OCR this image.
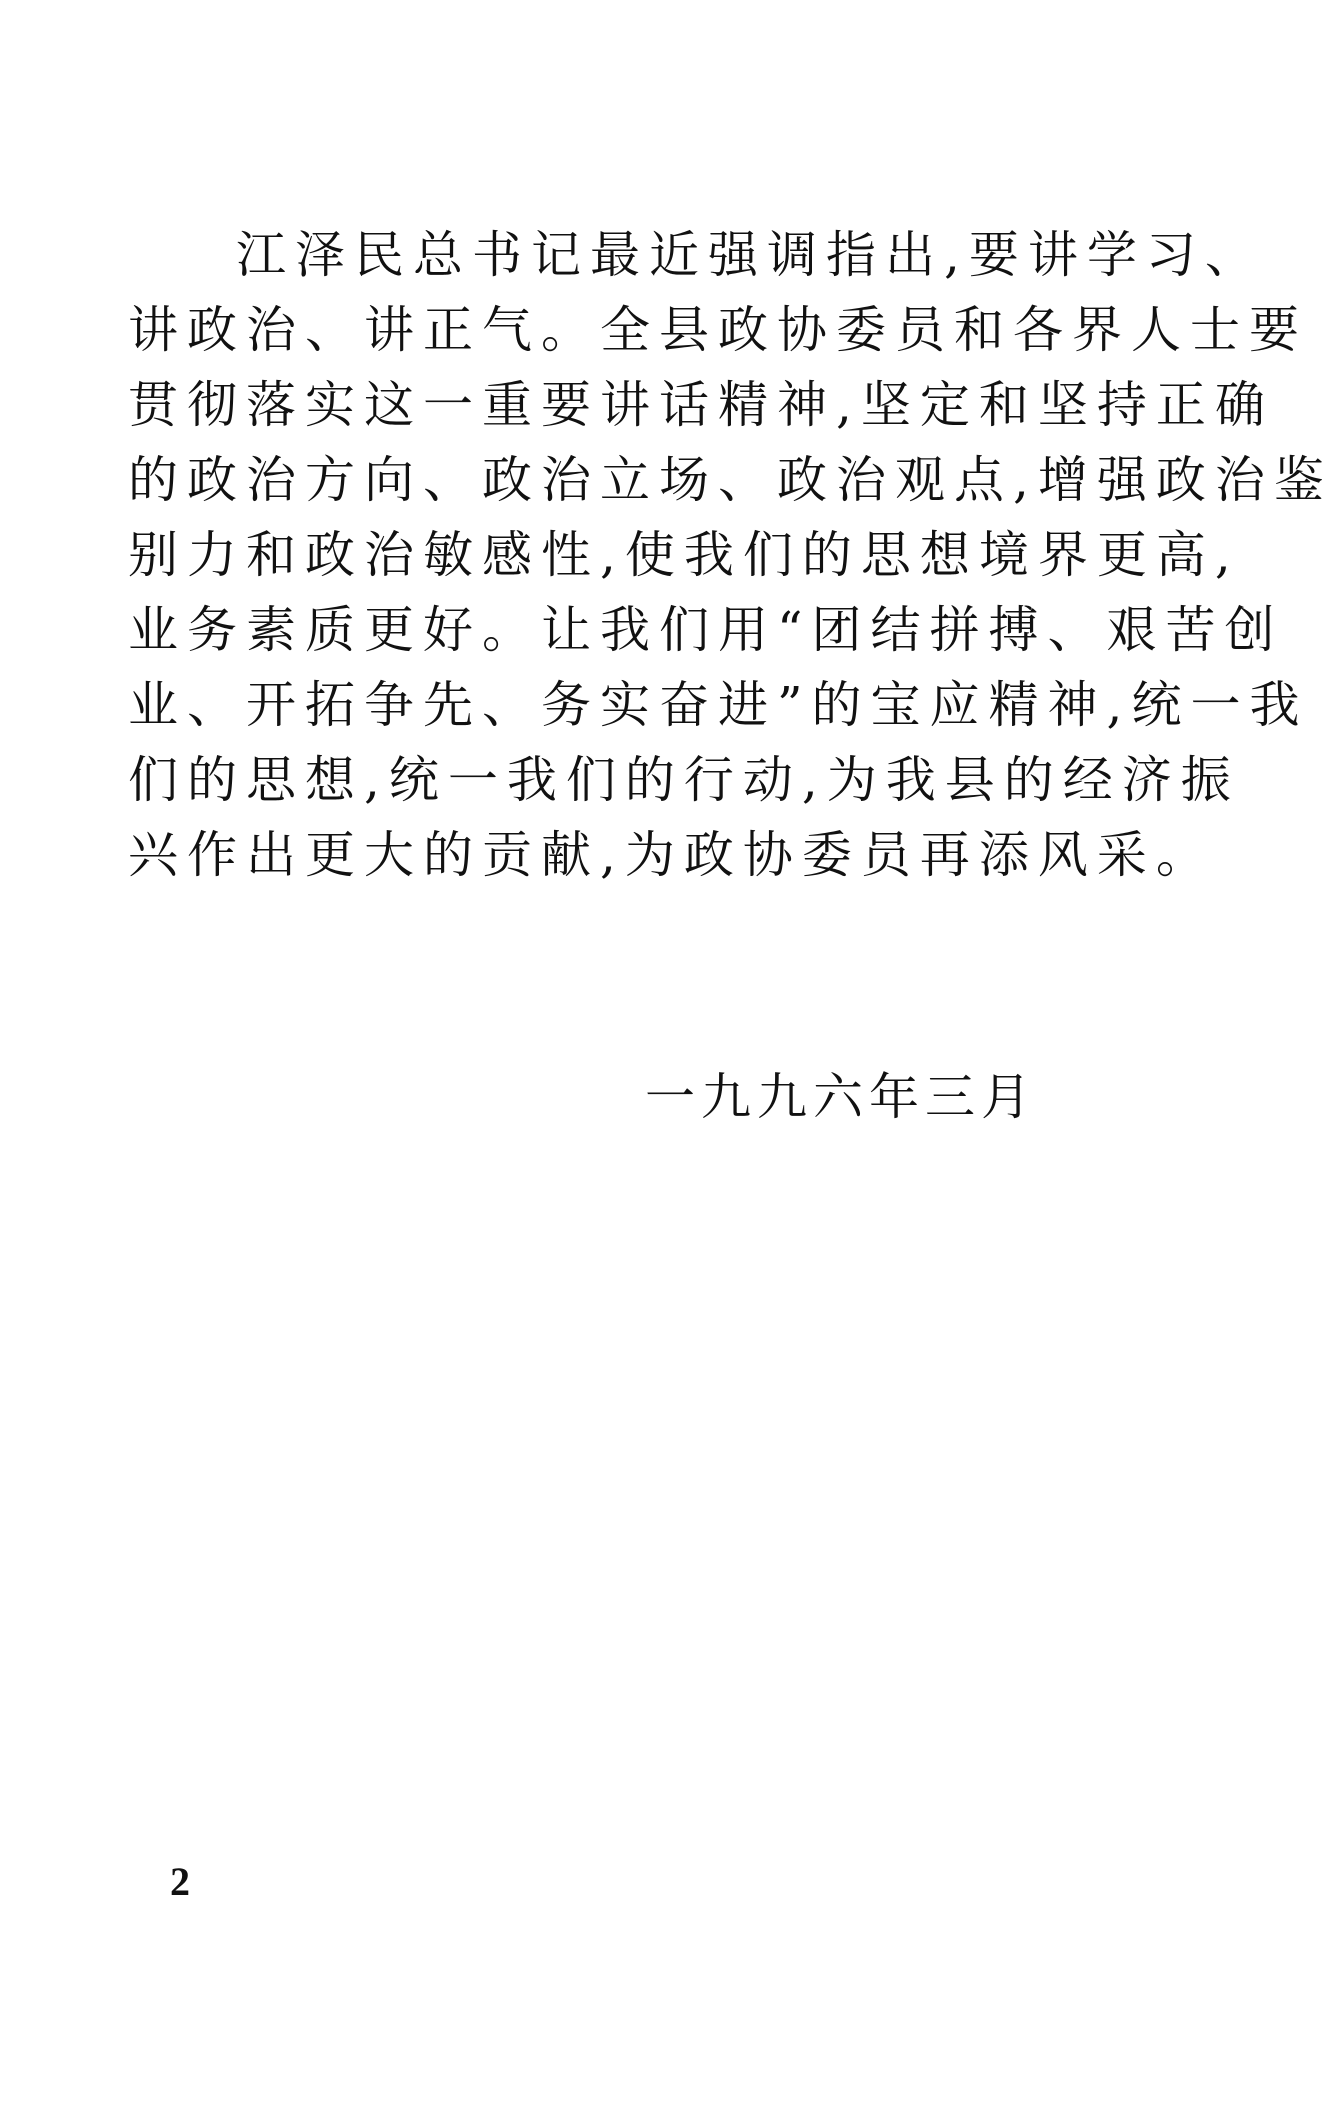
江泽民总书记最近强调指出,要讲学习、
讲政治、讲正气。全县政协委员和各界人士要
贯彻落实这一重要讲话精神,坚定和坚持正确
的政治方向、政治立场、政治观点,增强政治鉴
别力和政治敏感性,使我们的思想境界更高,
业务素质更好。让我们用“团结拼搏、艰苦创
业、开拓争先、务实奋进”的宝应精神,统一我
们的思想,统一我们的行动,为我县的经济振
兴作出更大的贡献,为政协委员再添风采。
一九九六年三月
2
